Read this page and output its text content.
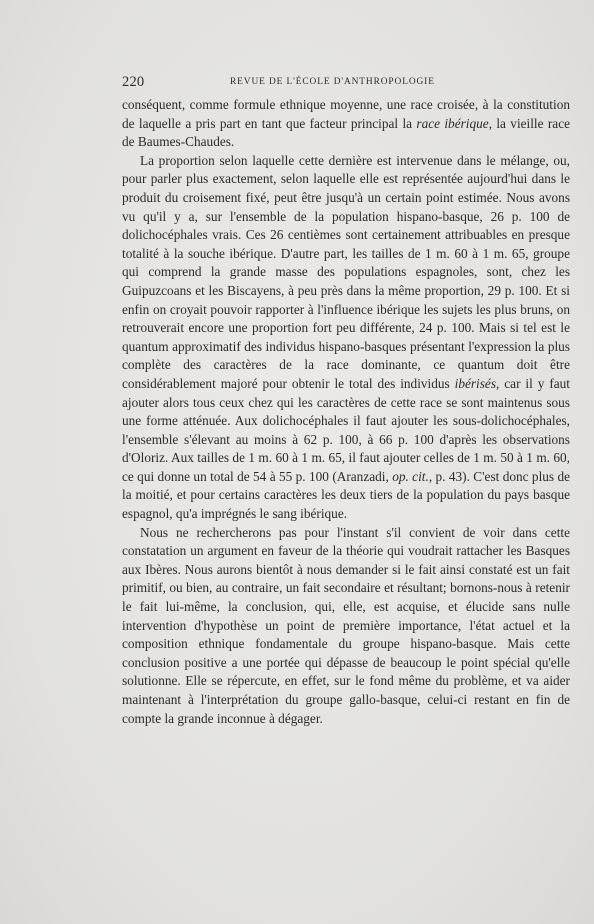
220	REVUE DE L'ÉCOLE D'ANTHROPOLOGIE

conséquent, comme formule ethnique moyenne, une race croisée, à la constitution de laquelle a pris part en tant que facteur principal la race ibérique, la vieille race de Baumes-Chaudes.

La proportion selon laquelle cette dernière est intervenue dans le mélange, ou, pour parler plus exactement, selon laquelle elle est représentée aujourd'hui dans le produit du croisement fixé, peut être jusqu'à un certain point estimée. Nous avons vu qu'il y a, sur l'ensemble de la population hispano-basque, 26 p. 100 de dolichocéphales vrais. Ces 26 centièmes sont certainement attribuables en presque totalité à la souche ibérique. D'autre part, les tailles de 1 m. 60 à 1 m. 65, groupe qui comprend la grande masse des populations espagnoles, sont, chez les Guipuzcoans et les Biscayens, à peu près dans la même proportion, 29 p. 100. Et si enfin on croyait pouvoir rapporter à l'influence ibérique les sujets les plus bruns, on retrouverait encore une proportion fort peu différente, 24 p. 100. Mais si tel est le quantum approximatif des individus hispano-basques présentant l'expression la plus complète des caractères de la race dominante, ce quantum doit être considérablement majoré pour obtenir le total des individus ibérisés, car il y faut ajouter alors tous ceux chez qui les caractères de cette race se sont maintenus sous une forme atténuée. Aux dolichocéphales il faut ajouter les sous-dolichocéphales, l'ensemble s'élevant au moins à 62 p. 100, à 66 p. 100 d'après les observations d'Oloriz. Aux tailles de 1 m. 60 à 1 m. 65, il faut ajouter celles de 1 m. 50 à 1 m. 60, ce qui donne un total de 54 à 55 p. 100 (Aranzadi, op. cit., p. 43). C'est donc plus de la moitié, et pour certains caractères les deux tiers de la population du pays basque espagnol, qu'a imprégnés le sang ibérique.

Nous ne rechercherons pas pour l'instant s'il convient de voir dans cette constatation un argument en faveur de la théorie qui voudrait rattacher les Basques aux Ibères. Nous aurons bientôt à nous demander si le fait ainsi constaté est un fait primitif, ou bien, au contraire, un fait secondaire et résultant; bornons-nous à retenir le fait lui-même, la conclusion, qui, elle, est acquise, et élucide sans nulle intervention d'hypothèse un point de première importance, l'état actuel et la composition ethnique fondamentale du groupe hispano-basque. Mais cette conclusion positive a une portée qui dépasse de beaucoup le point spécial qu'elle solutionne. Elle se répercute, en effet, sur le fond même du problème, et va aider maintenant à l'interprétation du groupe gallo-basque, celui-ci restant en fin de compte la grande inconnue à dégager.
